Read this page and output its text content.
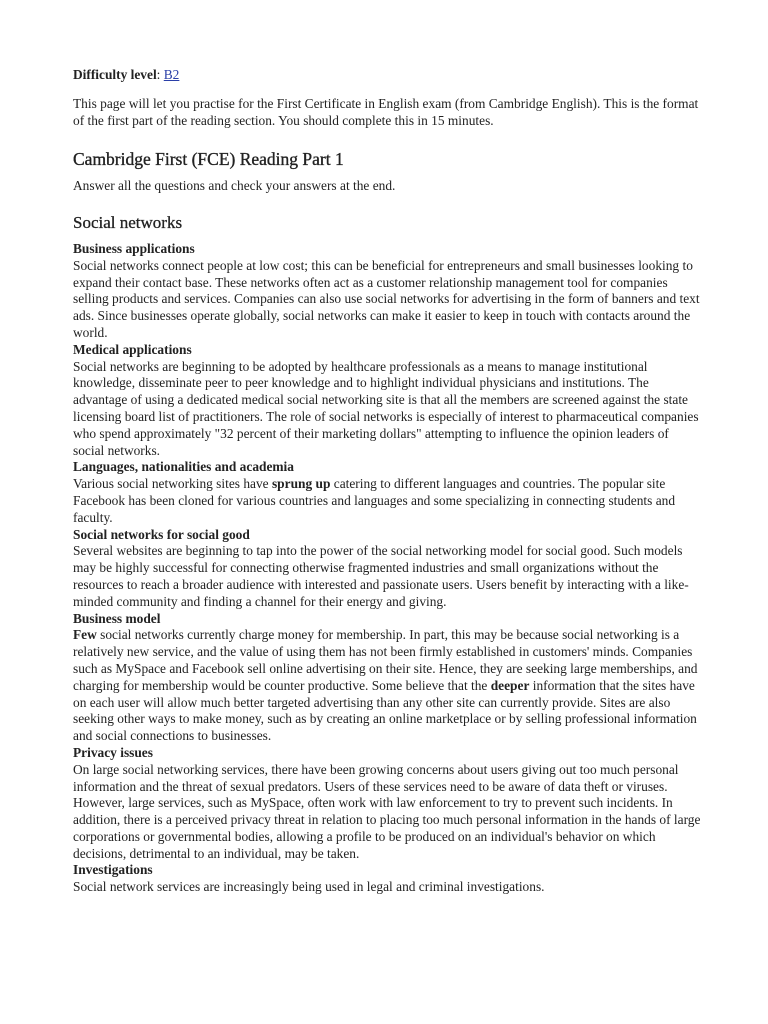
Difficulty level: B2

This page will let you practise for the First Certificate in English exam (from Cambridge English). This is the format of the first part of the reading section. You should complete this in 15 minutes.

Cambridge First (FCE) Reading Part 1

Answer all the questions and check your answers at the end.

Social networks

Business applications

Social networks connect people at low cost; this can be beneficial for entrepreneurs and small businesses looking to expand their contact base. These networks often act as a customer relationship management tool for companies selling products and services. Companies can also use social networks for advertising in the form of banners and text ads. Since businesses operate globally, social networks can make it easier to keep in touch with contacts around the world.

Medical applications

Social networks are beginning to be adopted by healthcare professionals as a means to manage institutional knowledge, disseminate peer to peer knowledge and to highlight individual physicians and institutions. The advantage of using a dedicated medical social networking site is that all the members are screened against the state licensing board list of practitioners. The role of social networks is especially of interest to pharmaceutical companies who spend approximately "32 percent of their marketing dollars" attempting to influence the opinion leaders of social networks.

Languages, nationalities and academia

Various social networking sites have sprung up catering to different languages and countries. The popular site Facebook has been cloned for various countries and languages and some specializing in connecting students and faculty.

Social networks for social good

Several websites are beginning to tap into the power of the social networking model for social good. Such models may be highly successful for connecting otherwise fragmented industries and small organizations without the resources to reach a broader audience with interested and passionate users. Users benefit by interacting with a like-minded community and finding a channel for their energy and giving.

Business model

Few social networks currently charge money for membership. In part, this may be because social networking is a relatively new service, and the value of using them has not been firmly established in customers' minds. Companies such as MySpace and Facebook sell online advertising on their site. Hence, they are seeking large memberships, and charging for membership would be counter productive. Some believe that the deeper information that the sites have on each user will allow much better targeted advertising than any other site can currently provide. Sites are also seeking other ways to make money, such as by creating an online marketplace or by selling professional information and social connections to businesses.

Privacy issues

On large social networking services, there have been growing concerns about users giving out too much personal information and the threat of sexual predators. Users of these services need to be aware of data theft or viruses. However, large services, such as MySpace, often work with law enforcement to try to prevent such incidents. In addition, there is a perceived privacy threat in relation to placing too much personal information in the hands of large corporations or governmental bodies, allowing a profile to be produced on an individual's behavior on which decisions, detrimental to an individual, may be taken.

Investigations

Social network services are increasingly being used in legal and criminal investigations.
